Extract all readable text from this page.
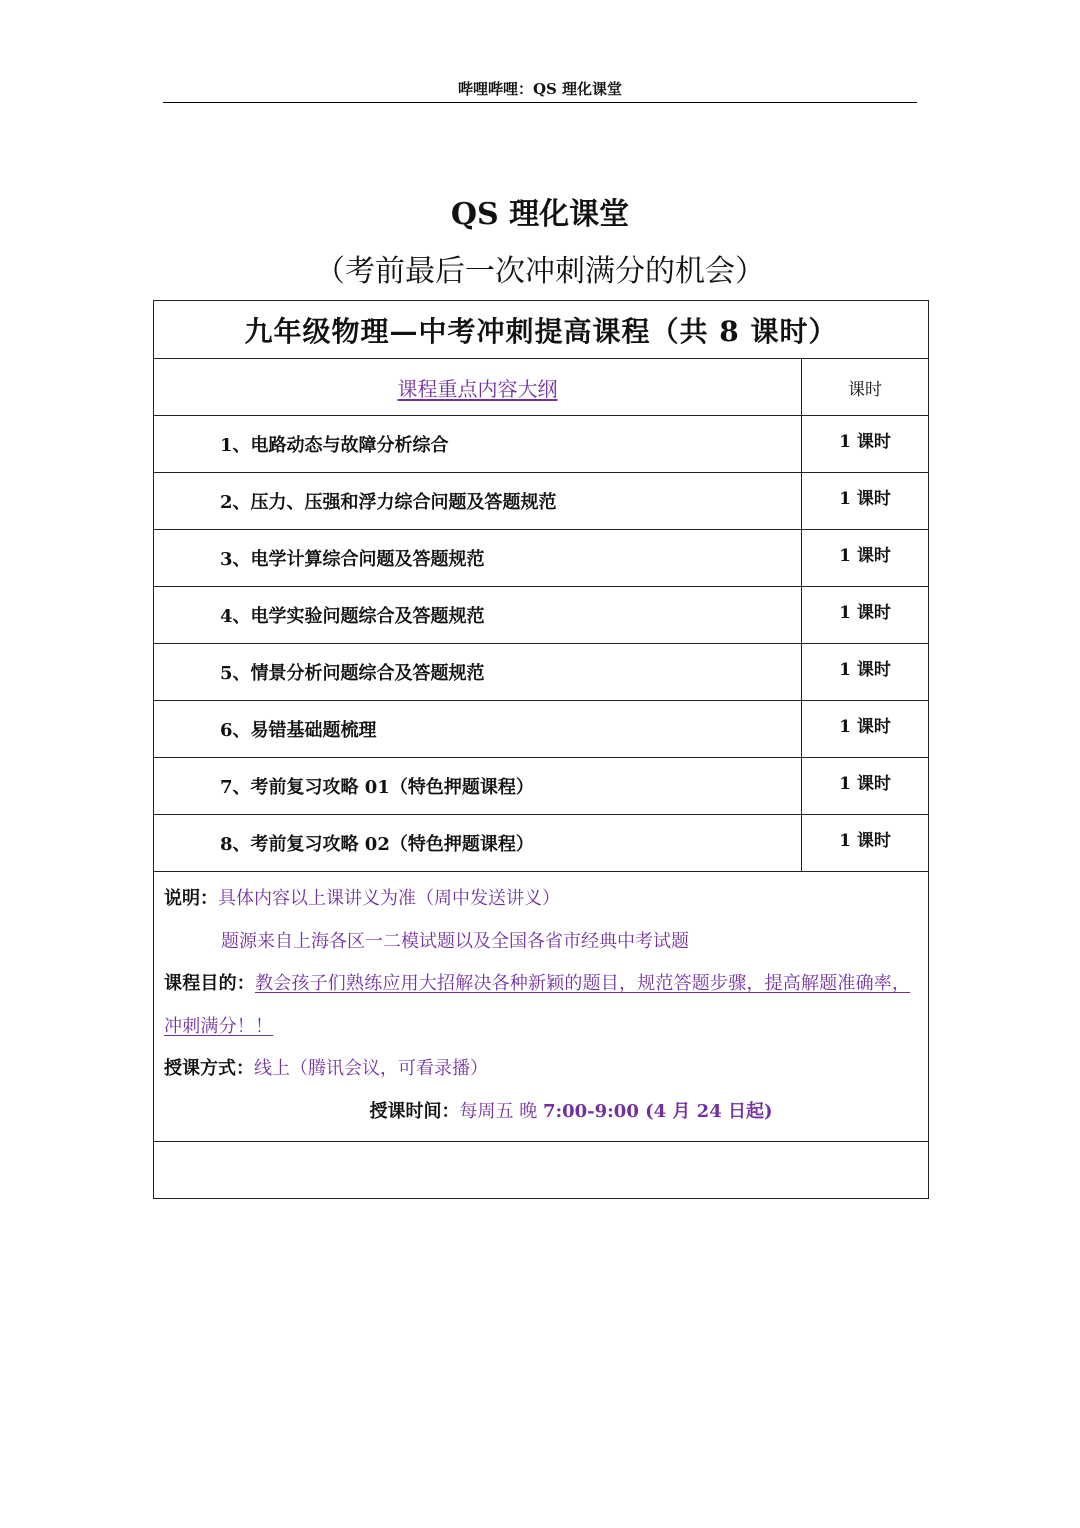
哔哩哔哩：QS 理化课堂
QS 理化课堂
（考前最后一次冲刺满分的机会）
九年级物理—中考冲刺提高课程（共 8 课时）	
课程重点内容大纲	课时
1、电路动态与故障分析综合	1 课时
2、压力、压强和浮力综合问题及答题规范	1 课时
3、电学计算综合问题及答题规范	1 课时
4、电学实验问题综合及答题规范	1 课时
5、情景分析问题综合及答题规范	1 课时
6、易错基础题梳理	1 课时
7、考前复习攻略 01（特色押题课程）	1 课时
8、考前复习攻略 02（特色押题课程）	1 课时

说明：具体内容以上课讲义为准（周中发送讲义）
题源来自上海各区一二模试题以及全国各省市经典中考试题
课程目的：教会孩子们熟练应用大招解决各种新颖的题目，规范答题步骤，提高解题准确率，冲刺满分！！
授课方式：线上（腾讯会议，可看录播）
授课时间：每周五 晚 7:00-9:00 (4 月 24 日起)	
